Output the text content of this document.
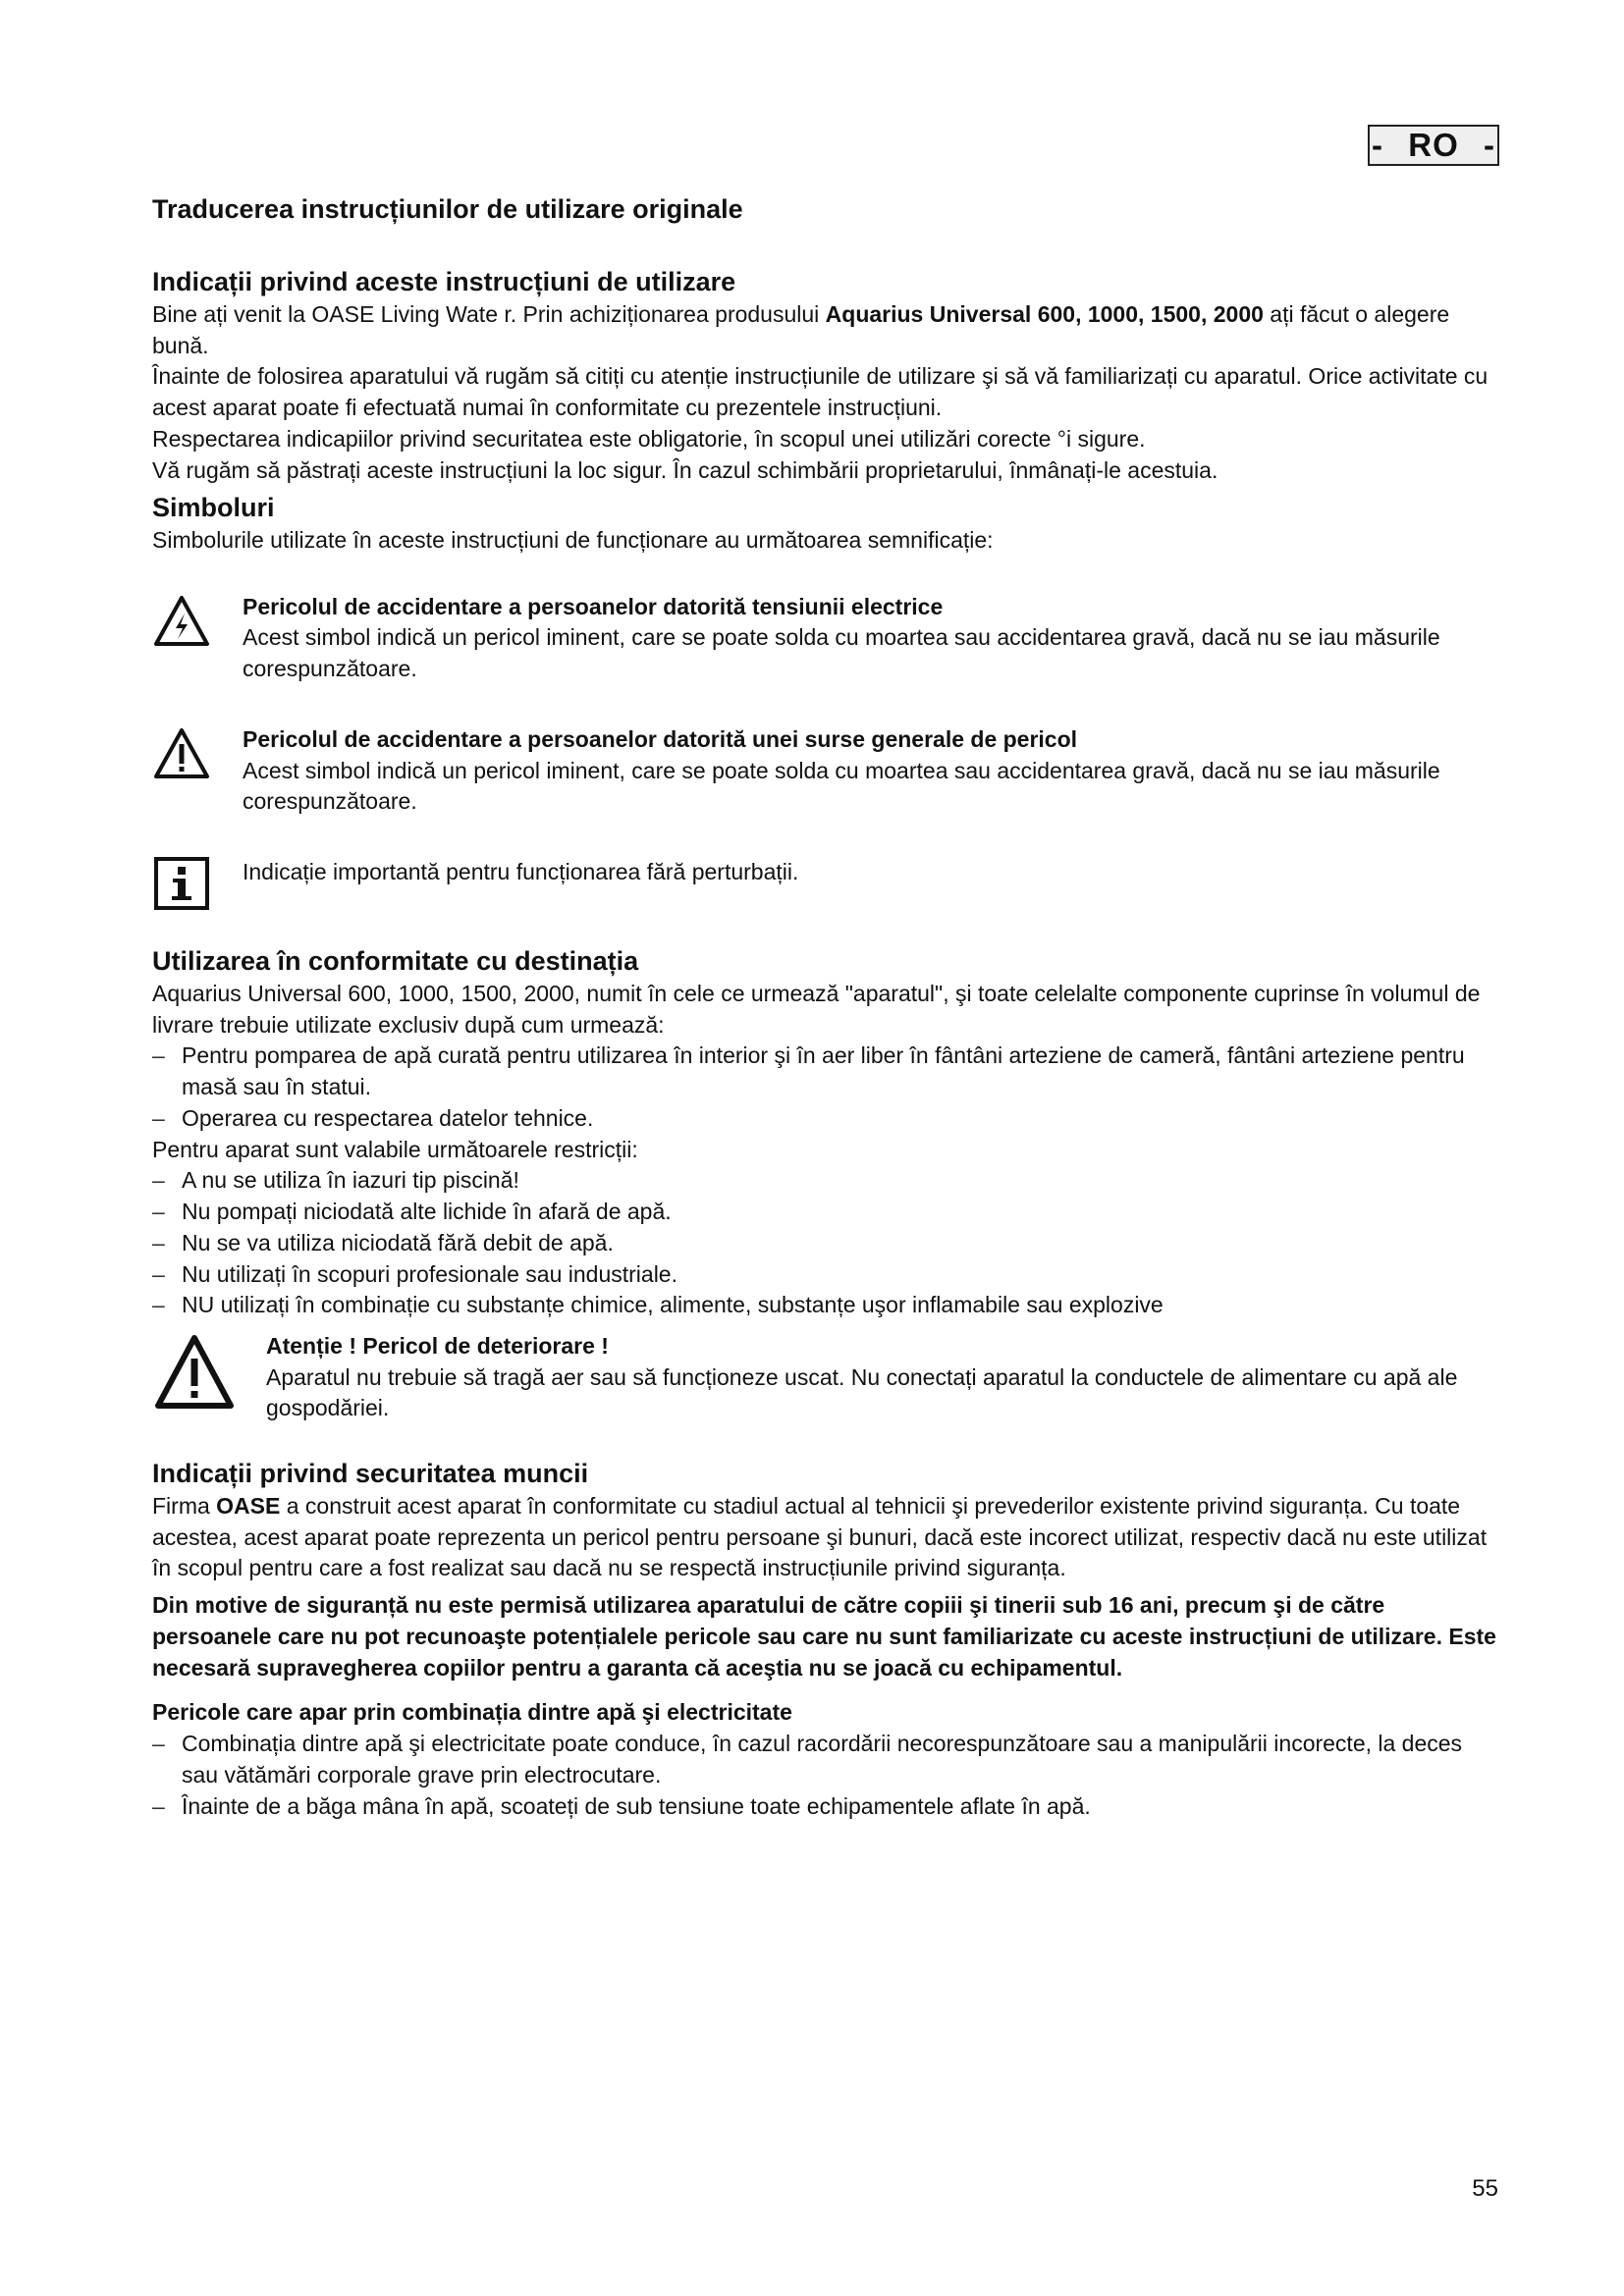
- RO -
Traducerea instrucțiunilor de utilizare originale
Indicații privind aceste instrucțiuni de utilizare

Bine ați venit la OASE Living Wate r. Prin achiziționarea produsului Aquarius Universal 600, 1000, 1500, 2000 ați făcut o alegere bună.

Înainte de folosirea aparatului vă rugăm să citiți cu atenție instrucțiunile de utilizare şi să vă familiarizați cu aparatul. Orice activitate cu acest aparat poate fi efectuată numai în conformitate cu prezentele instrucțiuni.

Respectarea indicapiilor privind securitatea este obligatorie, în scopul unei utilizări corecte °i sigure.

Vă rugăm să păstrați aceste instrucțiuni la loc sigur. În cazul schimbării proprietarului, înmânați-le acestuia.

Simboluri

Simbolurile utilizate în aceste instrucțiuni de funcționare au următoarea semnificație:

Pericolul de accidentare a persoanelor datorită tensiunii electrice
Acest simbol indică un pericol iminent, care se poate solda cu moartea sau accidentarea gravă, dacă nu se iau măsurile corespunzătoare.
Pericolul de accidentare a persoanelor datorită unei surse generale de pericol
Acest simbol indică un pericol iminent, care se poate solda cu moartea sau accidentarea gravă, dacă nu se iau măsurile corespunzătoare.
Indicație importantă pentru funcționarea fără perturbații.
Utilizarea în conformitate cu destinația

Aquarius Universal 600, 1000, 1500, 2000, numit în cele ce urmează "aparatul", şi toate celelalte componente cuprinse în volumul de livrare trebuie utilizate exclusiv după cum urmează:

– Pentru pomparea de apă curată pentru utilizarea în interior şi în aer liber în fântâni arteziene de cameră, fântâni arteziene pentru masă sau în statui.
– Operarea cu respectarea datelor tehnice.

Pentru aparat sunt valabile următoarele restricții:

– A nu se utiliza în iazuri tip piscină!
– Nu pompați niciodată alte lichide în afară de apă.
– Nu se va utiliza niciodată fără debit de apă.
– Nu utilizați în scopuri profesionale sau industriale.
– NU utilizați în combinație cu substanțe chimice, alimente, substanțe uşor inflamabile sau explozive
Atenție ! Pericol de deteriorare !
Aparatul nu trebuie să tragă aer sau să funcționeze uscat. Nu conectați aparatul la conductele de alimentare cu apă ale gospodăriei.
Indicații privind securitatea muncii

Firma OASE a construit acest aparat în conformitate cu stadiul actual al tehnicii şi prevederilor existente privind siguranța. Cu toate acestea, acest aparat poate reprezenta un pericol pentru persoane şi bunuri, dacă este incorect utilizat, respectiv dacă nu este utilizat în scopul pentru care a fost realizat sau dacă nu se respectă instrucțiunile privind siguranța.

Din motive de siguranță nu este permisă utilizarea aparatului de către copiii şi tinerii sub 16 ani, precum şi de către persoanele care nu pot recunoaşte potențialele pericole sau care nu sunt familiarizate cu aceste instrucțiuni de utilizare. Este necesară supravegherea copiilor pentru a garanta că aceştia nu se joacă cu echipamentul.

Pericole care apar prin combinația dintre apă şi electricitate

– Combinația dintre apă şi electricitate poate conduce, în cazul racordării necorespunzătoare sau a manipulării incorecte, la deces sau vătămări corporale grave prin electrocutare.
– Înainte de a băga mâna în apă, scoateți de sub tensiune toate echipamentele aflate în apă.
55
